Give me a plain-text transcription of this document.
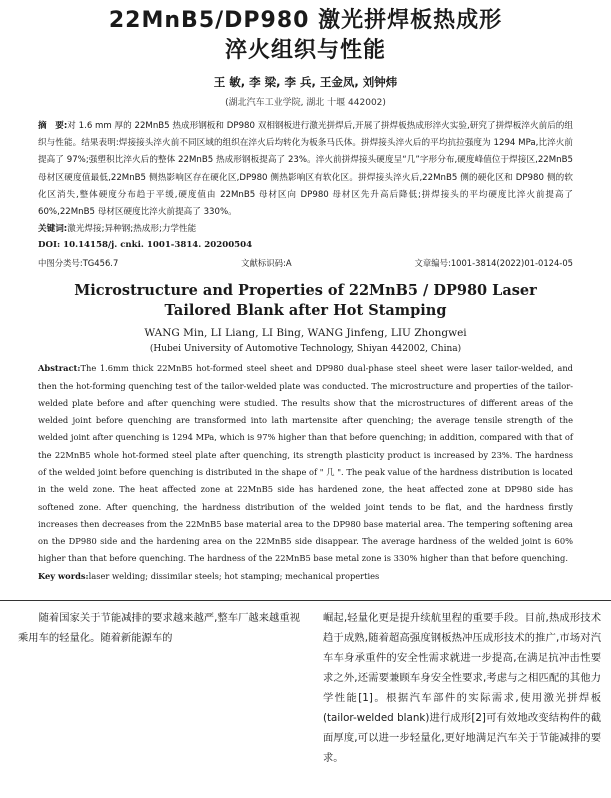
22MnB5/DP980 激光拼焊板热成形
淬火组织与性能
王 敏, 李 梁, 李 兵, 王金凤, 刘钟炜
(湖北汽车工业学院, 湖北 十堰 442002)
摘　要:对 1.6 mm 厚的 22MnB5 热成形钢板和 DP980 双相钢板进行激光拼焊后,开展了拼焊板热成形淬火实验,研究了拼焊板淬火前后的组织与性能。结果表明:焊接接头淬火前不同区域的组织在淬火后均转化为板条马氏体。拼焊接头淬火后的平均抗拉强度为 1294 MPa,比淬火前提高了 97%;强塑积比淬火后的整体 22MnB5 热成形钢板提高了 23%。淬火前拼焊接头硬度呈“几”字形分布,硬度峰值位于焊接区,22MnB5 母材区硬度值最低,22MnB5 侧热影响区存在硬化区,DP980 侧热影响区有软化区。拼焊接头淬火后,22MnB5 侧的硬化区和 DP980 侧的软化区消失,整体硬度分布趋于平缓,硬度值由 22MnB5 母材区向 DP980 母材区先升高后降低;拼焊接头的平均硬度比淬火前提高了 60%,22MnB5 母材区硬度比淬火前提高了 330%。
关键词:激光焊接;异种钢;热成形;力学性能
DOI: 10.14158/j. cnki. 1001-3814. 20200504
中图分类号:TG456.7	文献标识码:A	文章编号:1001-3814(2022)01-0124-05
Microstructure and Properties of 22MnB5 / DP980 Laser Tailored Blank after Hot Stamping
WANG Min, LI Liang, LI Bing, WANG Jinfeng, LIU Zhongwei
(Hubei University of Automotive Technology, Shiyan 442002, China)
Abstract:The 1.6mm thick 22MnB5 hot-formed steel sheet and DP980 dual-phase steel sheet were laser tailor-welded, and then the hot-forming quenching test of the tailor-welded plate was conducted. The microstructure and properties of the tailor-welded plate before and after quenching were studied. The results show that the microstructures of different areas of the welded joint before quenching are transformed into lath martensite after quenching; the average tensile strength of the welded joint after quenching is 1294 MPa, which is 97% higher than that before quenching; in addition, compared with that of the 22MnB5 whole hot-formed steel plate after quenching, its strength plasticity product is increased by 23%. The hardness of the welded joint before quenching is distributed in the shape of " 几 ". The peak value of the hardness distribution is located in the weld zone. The heat affected zone at 22MnB5 side has hardened zone, the heat affected zone at DP980 side has softened zone. After quenching, the hardness distribution of the welded joint tends to be flat, and the hardness firstly increases then decreases from the 22MnB5 base material area to the DP980 base material area. The tempering softening area on the DP980 side and the hardening area on the 22MnB5 side disappear. The average hardness of the welded joint is 60% higher than that before quenching. The hardness of the 22MnB5 base metal zone is 330% higher than that before quenching.
Key words:laser welding; dissimilar steels; hot stamping; mechanical properties
随着国家关于节能减排的要求越来越严,整车厂越来越重视乘用车的轻量化。随着新能源车的
崛起,轻量化更是提升续航里程的重要手段。目前,热成形技术趋于成熟,随着超高强度钢板热冲压成形技术的推广,市场对汽车车身承重件的安全性需求就进一步提高,在满足抗冲击性要求之外,还需要兼顾车身安全性要求,考虑与之相匹配的其他力学性能[1]。根据汽车部件的实际需求,使用激光拼焊板(tailor-welded blank)进行成形[2]可有效地改变结构件的截面厚度,可以进一步轻量化,更好地满足汽车关于节能减排的要求。
